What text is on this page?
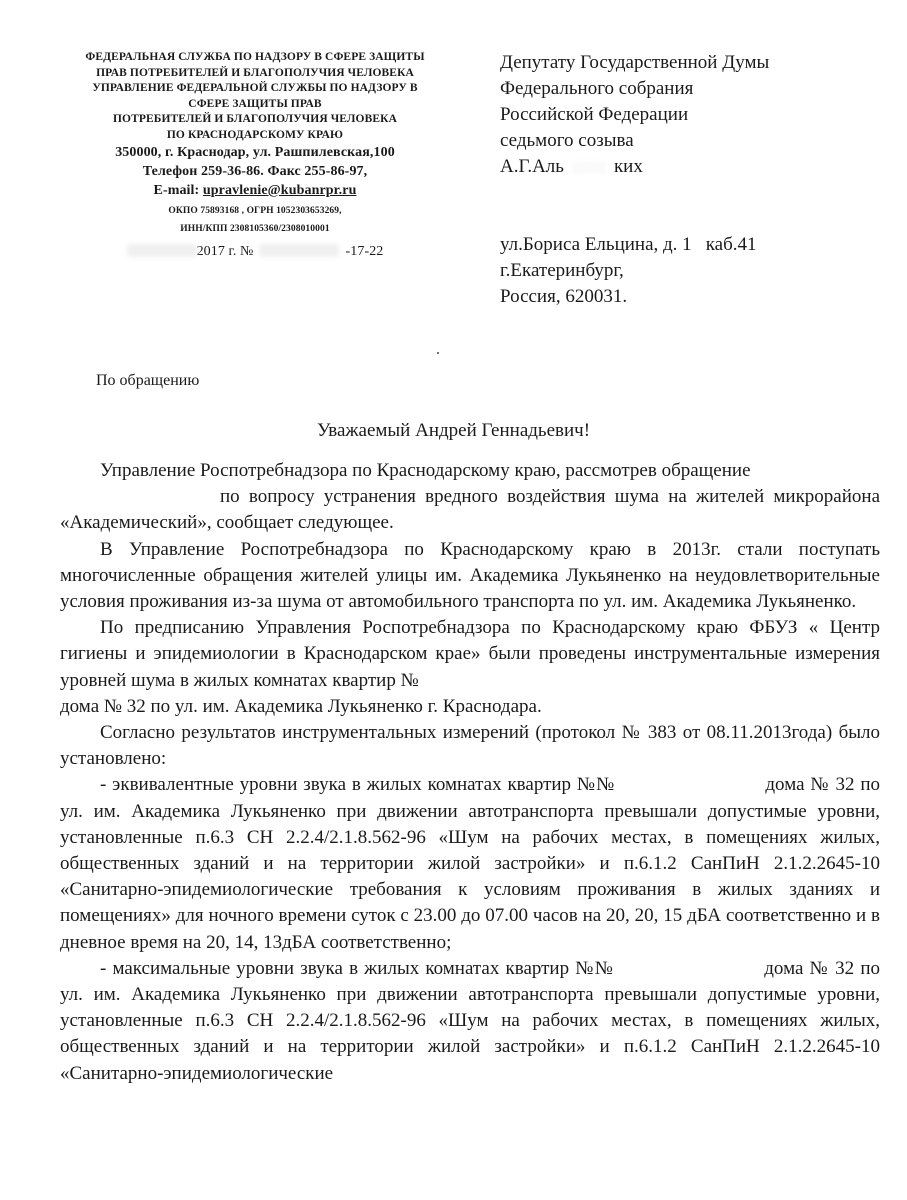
ФЕДЕРАЛЬНАЯ СЛУЖБА ПО НАДЗОРУ В СФЕРЕ ЗАЩИТЫ
ПРАВ ПОТРЕБИТЕЛЕЙ И БЛАГОПОЛУЧИЯ ЧЕЛОВЕКА
УПРАВЛЕНИЕ ФЕДЕРАЛЬНОЙ СЛУЖБЫ ПО НАДЗОРУ В
СФЕРЕ ЗАЩИТЫ ПРАВ
ПОТРЕБИТЕЛЕЙ И БЛАГОПОЛУЧИЯ ЧЕЛОВЕКА
ПО КРАСНОДАРСКОМУ КРАЮ
350000, г. Краснодар, ул. Рашпилевская,100
Телефон 259-36-86. Факс 255-86-97,
E-mail: upravlenie@kubanrpr.ru
ОКПО 75893168 , ОГРН 1052303653269,
ИНН/КПП 2308105360/2308010001
2017 г. №	-17-22
Депутату Государственной Думы
Федерального собрания
Российской Федерации
седьмого созыва
А.Г.Аль	ких
ул.Бориса Ельцина, д. 1 каб.41
г.Екатеринбург,
Россия, 620031.
По обращению
Уважаемый Андрей Геннадьевич!

Управление Роспотребнадзора по Краснодарскому краю, рассмотрев обращение
по вопросу устранения вредного воздействия шума на жителей микрорайона «Академический», сообщает следующее.

В Управление Роспотребнадзора по Краснодарскому краю в 2013г. стали поступать многочисленные обращения жителей улицы им. Академика Лукьяненко на неудовлетворительные условия проживания из-за шума от автомобильного транспорта по ул. им. Академика Лукьяненко.

По предписанию Управления Роспотребнадзора по Краснодарскому краю ФБУЗ « Центр гигиены и эпидемиологии в Краснодарском крае» были проведены инструментальные измерения уровней шума в жилых комнатах квартир №
дома № 32 по ул. им. Академика Лукьяненко г. Краснодара.

Согласно результатов инструментальных измерений (протокол № 383 от 08.11.2013года) было установлено:

- эквивалентные уровни звука в жилых комнатах квартир №№	дома № 32 по ул. им. Академика Лукьяненко при движении автотранспорта превышали допустимые уровни, установленные п.6.3 СН 2.2.4/2.1.8.562-96 «Шум на рабочих местах, в помещениях жилых, общественных зданий и на территории жилой застройки» и п.6.1.2 СанПиН 2.1.2.2645-10 «Санитарно-эпидемиологические требования к условиям проживания в жилых зданиях и помещениях» для ночного времени суток с 23.00 до 07.00 часов на 20, 20, 15 дБА соответственно и в дневное время на 20, 14, 13дБА соответственно;

- максимальные уровни звука в жилых комнатах квартир №№	дома № 32 по ул. им. Академика Лукьяненко при движении автотранспорта превышали допустимые уровни, установленные п.6.3 СН 2.2.4/2.1.8.562-96 «Шум на рабочих местах, в помещениях жилых, общественных зданий и на территории жилой застройки» и п.6.1.2 СанПиН 2.1.2.2645-10 «Санитарно-эпидемиологические
